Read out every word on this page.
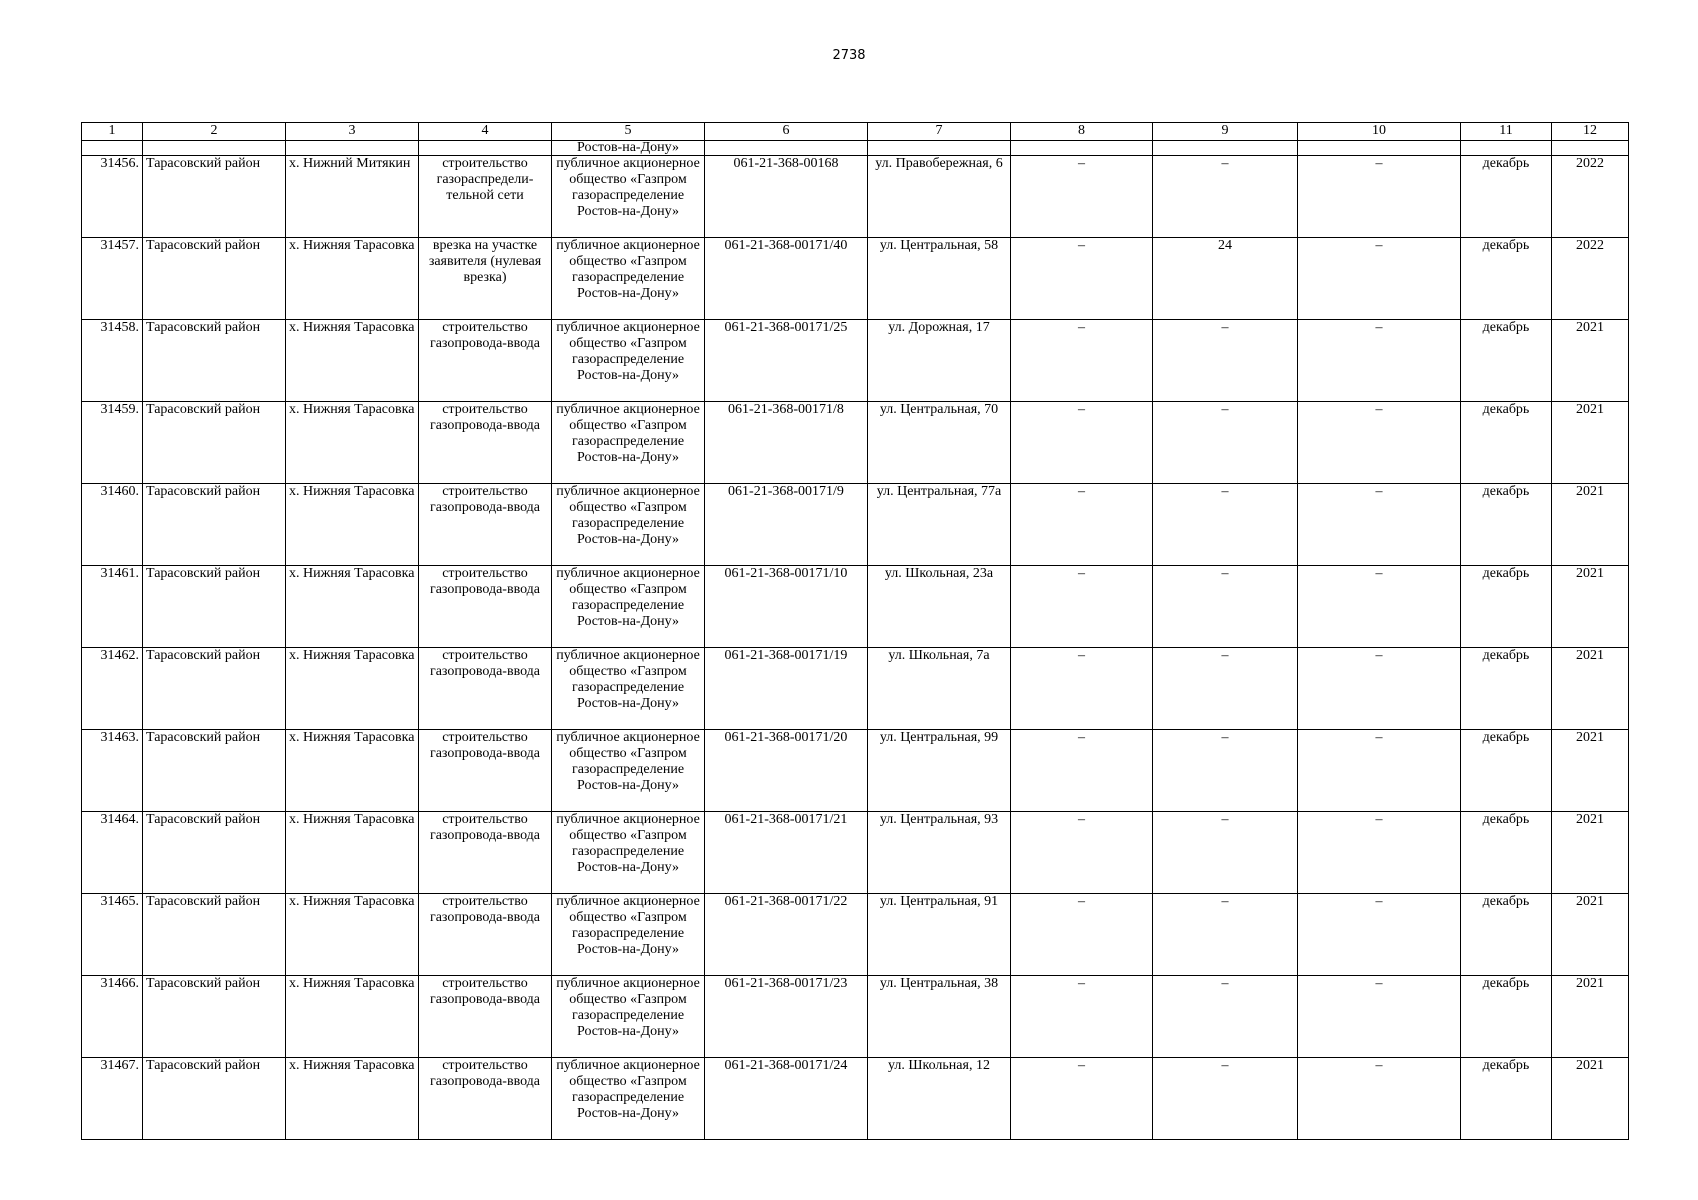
2738
1	2	3	4	5	6	7	8	9	10	11	12
				Ростов-на-Дону»							
31456.	Тарасовский район	х. Нижний Митякин	строительство газораспредели-тельной сети	публичное акционерное общество «Газпром газораспределение Ростов-на-Дону»	061-21-368-00168	ул. Правобережная, 6	–	–	–	декабрь	2022
31457.	Тарасовский район	х. Нижняя Тарасовка	врезка на участке заявителя (нулевая врезка)	публичное акционерное общество «Газпром газораспределение Ростов-на-Дону»	061-21-368-00171/40	ул. Центральная, 58	–	24	–	декабрь	2022
31458.	Тарасовский район	х. Нижняя Тарасовка	строительство газопровода-ввода	публичное акционерное общество «Газпром газораспределение Ростов-на-Дону»	061-21-368-00171/25	ул. Дорожная, 17	–	–	–	декабрь	2021
31459.	Тарасовский район	х. Нижняя Тарасовка	строительство газопровода-ввода	публичное акционерное общество «Газпром газораспределение Ростов-на-Дону»	061-21-368-00171/8	ул. Центральная, 70	–	–	–	декабрь	2021
31460.	Тарасовский район	х. Нижняя Тарасовка	строительство газопровода-ввода	публичное акционерное общество «Газпром газораспределение Ростов-на-Дону»	061-21-368-00171/9	ул. Центральная, 77а	–	–	–	декабрь	2021
31461.	Тарасовский район	х. Нижняя Тарасовка	строительство газопровода-ввода	публичное акционерное общество «Газпром газораспределение Ростов-на-Дону»	061-21-368-00171/10	ул. Школьная, 23а	–	–	–	декабрь	2021
31462.	Тарасовский район	х. Нижняя Тарасовка	строительство газопровода-ввода	публичное акционерное общество «Газпром газораспределение Ростов-на-Дону»	061-21-368-00171/19	ул. Школьная, 7а	–	–	–	декабрь	2021
31463.	Тарасовский район	х. Нижняя Тарасовка	строительство газопровода-ввода	публичное акционерное общество «Газпром газораспределение Ростов-на-Дону»	061-21-368-00171/20	ул. Центральная, 99	–	–	–	декабрь	2021
31464.	Тарасовский район	х. Нижняя Тарасовка	строительство газопровода-ввода	публичное акционерное общество «Газпром газораспределение Ростов-на-Дону»	061-21-368-00171/21	ул. Центральная, 93	–	–	–	декабрь	2021
31465.	Тарасовский район	х. Нижняя Тарасовка	строительство газопровода-ввода	публичное акционерное общество «Газпром газораспределение Ростов-на-Дону»	061-21-368-00171/22	ул. Центральная, 91	–	–	–	декабрь	2021
31466.	Тарасовский район	х. Нижняя Тарасовка	строительство газопровода-ввода	публичное акционерное общество «Газпром газораспределение Ростов-на-Дону»	061-21-368-00171/23	ул. Центральная, 38	–	–	–	декабрь	2021
31467.	Тарасовский район	х. Нижняя Тарасовка	строительство газопровода-ввода	публичное акционерное общество «Газпром газораспределение Ростов-на-Дону»	061-21-368-00171/24	ул. Школьная, 12	–	–	–	декабрь	2021
